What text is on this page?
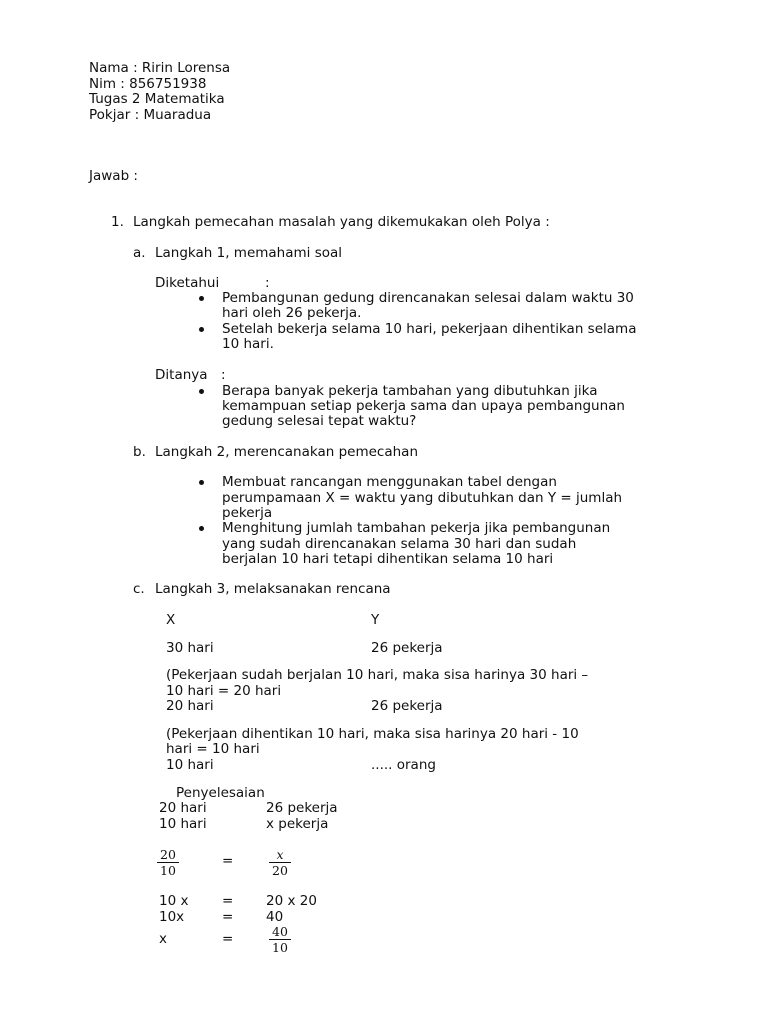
Nama : Ririn Lorensa
Nim : 856751938
Tugas 2 Matematika
Pokjar : Muaradua
Jawab :
1. Langkah pemecahan masalah yang dikemukakan oleh Polya :
a. Langkah 1, memahami soal
Diketahui	:
Pembangunan gedung direncanakan selesai dalam waktu 30
hari oleh 26 pekerja.
Setelah bekerja selama 10 hari, pekerjaan dihentikan selama
10 hari.
Ditanya :
Berapa banyak pekerja tambahan yang dibutuhkan jika
kemampuan setiap pekerja sama dan upaya pembangunan
gedung selesai tepat waktu?
b. Langkah 2, merencanakan pemecahan
Membuat rancangan menggunakan tabel dengan
perumpamaan X = waktu yang dibutuhkan dan Y = jumlah
pekerja
Menghitung jumlah tambahan pekerja jika pembangunan
yang sudah direncanakan selama 30 hari dan sudah
berjalan 10 hari tetapi dihentikan selama 10 hari
c. Langkah 3, melaksanakan rencana
X	Y
30 hari	26 pekerja
(Pekerjaan sudah berjalan 10 hari, maka sisa harinya 30 hari –
10 hari = 20 hari
20 hari	26 pekerja
(Pekerjaan dihentikan 10 hari, maka sisa harinya 20 hari - 10
hari = 10 hari
10 hari	..... orang
Penyelesaian
20 hari	26 pekerja
10 hari	x pekerja
20
10
=	x
20
10 x = 20 x 20
10x	= 40
x	=	40
10
